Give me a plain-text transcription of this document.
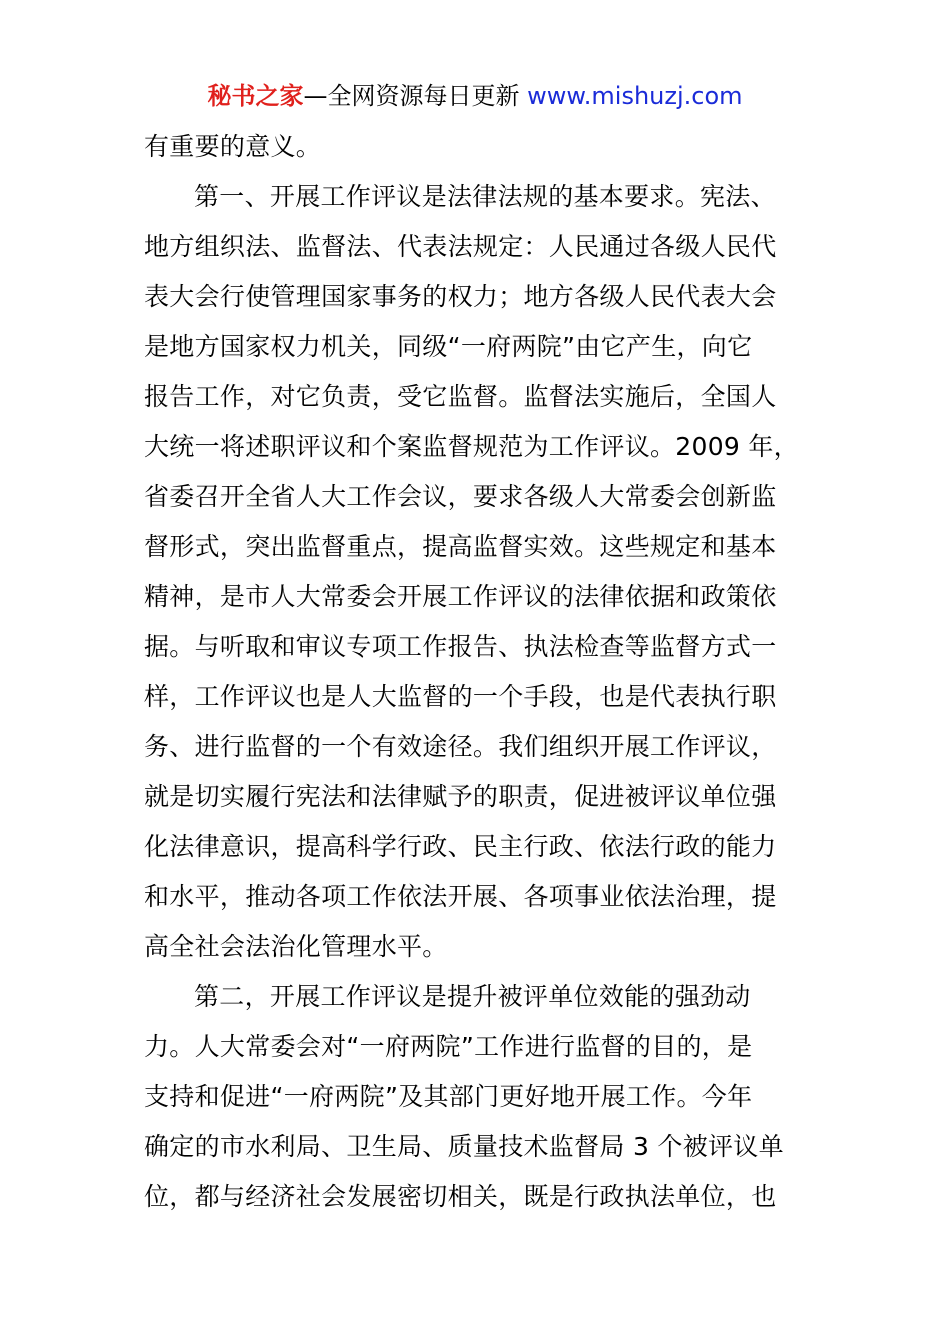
秘书之家—全网资源每日更新 www.mishuzj.com
有重要的意义。
第一、开展工作评议是法律法规的基本要求。宪法、
地方组织法、监督法、代表法规定：人民通过各级人民代
表大会行使管理国家事务的权力；地方各级人民代表大会
是地方国家权力机关，同级“一府两院”由它产生，向它
报告工作，对它负责，受它监督。监督法实施后，全国人
大统一将述职评议和个案监督规范为工作评议。2009 年，
省委召开全省人大工作会议，要求各级人大常委会创新监
督形式，突出监督重点，提高监督实效。这些规定和基本
精神，是市人大常委会开展工作评议的法律依据和政策依
据。与听取和审议专项工作报告、执法检查等监督方式一
样，工作评议也是人大监督的一个手段，也是代表执行职
务、进行监督的一个有效途径。我们组织开展工作评议，
就是切实履行宪法和法律赋予的职责，促进被评议单位强
化法律意识，提高科学行政、民主行政、依法行政的能力
和水平，推动各项工作依法开展、各项事业依法治理，提
高全社会法治化管理水平。
第二，开展工作评议是提升被评单位效能的强劲动
力。人大常委会对“一府两院”工作进行监督的目的，是
支持和促进“一府两院”及其部门更好地开展工作。今年
确定的市水利局、卫生局、质量技术监督局 3 个被评议单
位，都与经济社会发展密切相关，既是行政执法单位，也
